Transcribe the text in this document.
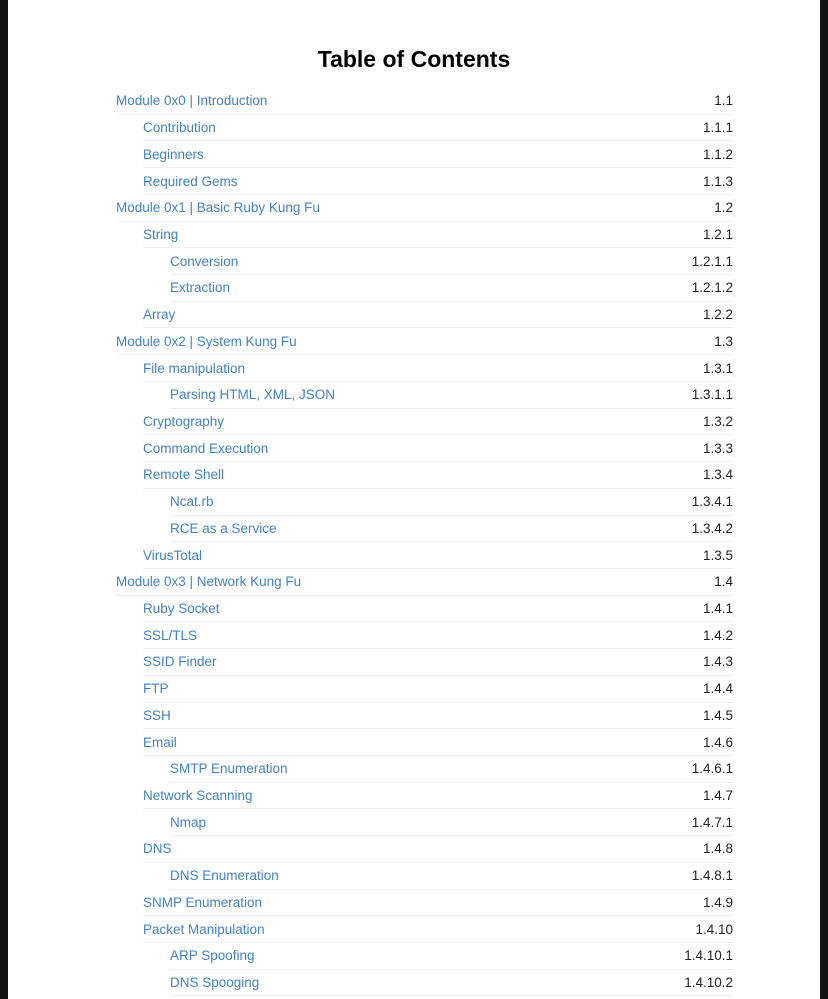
Table of Contents
Module 0x0 | Introduction	1.1
Contribution	1.1.1
Beginners	1.1.2
Required Gems	1.1.3
Module 0x1 | Basic Ruby Kung Fu	1.2
String	1.2.1
Conversion	1.2.1.1
Extraction	1.2.1.2
Array	1.2.2
Module 0x2 | System Kung Fu	1.3
File manipulation	1.3.1
Parsing HTML, XML, JSON	1.3.1.1
Cryptography	1.3.2
Command Execution	1.3.3
Remote Shell	1.3.4
Ncat.rb	1.3.4.1
RCE as a Service	1.3.4.2
VirusTotal	1.3.5
Module 0x3 | Network Kung Fu	1.4
Ruby Socket	1.4.1
SSL/TLS	1.4.2
SSID Finder	1.4.3
FTP	1.4.4
SSH	1.4.5
Email	1.4.6
SMTP Enumeration	1.4.6.1
Network Scanning	1.4.7
Nmap	1.4.7.1
DNS	1.4.8
DNS Enumeration	1.4.8.1
SNMP Enumeration	1.4.9
Packet Manipulation	1.4.10
ARP Spoofing	1.4.10.1
DNS Spooging	1.4.10.2
